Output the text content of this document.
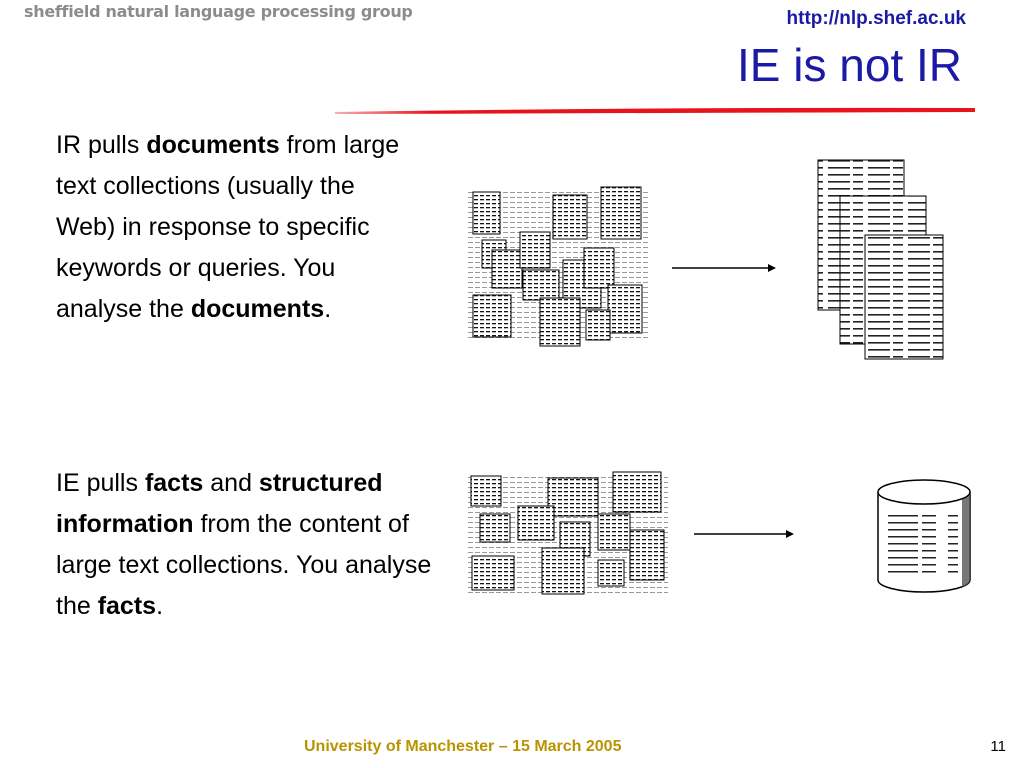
sheffield natural language processing group	http://nlp.shef.ac.uk
IE is not IR
IR pulls documents from large text collections (usually the Web) in response to specific keywords or queries. You analyse the documents.
IE pulls facts and structured information from the content of large text collections. You analyse the facts.
University of Manchester – 15 March 2005	11
